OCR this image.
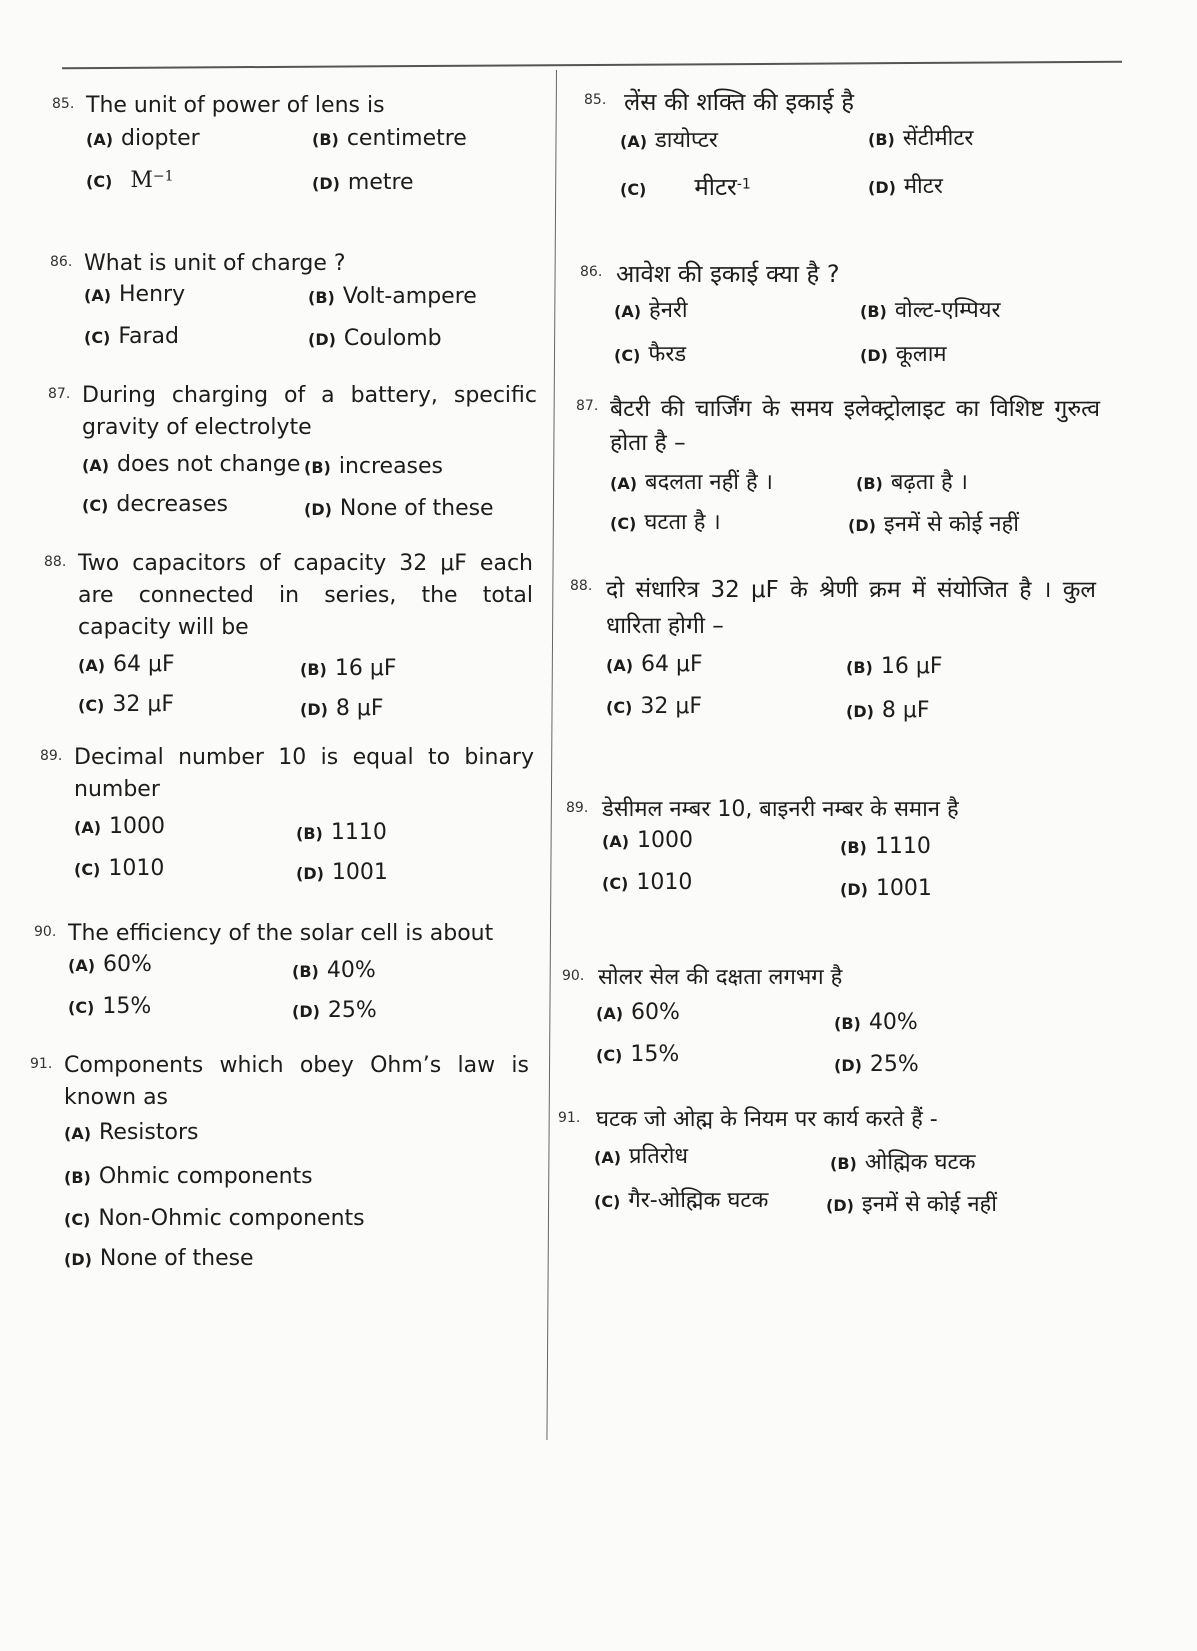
85. The unit of power of lens is
(A) diopter	(B) centimetre
(C) $M^{-1}$	(D) metre
86. What is unit of charge ?
(A) Henry	(B) Volt-ampere
(C) Farad	(D) Coulomb
87. During charging of a battery, specific gravity of electrolyte
(A) does not change (B) increases
(C) decreases	(D) None of these
88. Two capacitors of capacity 32 μF each are connected in series, the total capacity will be
(A) 64 μF	(B) 16 μF
(C) 32 μF	(D) 8 μF
89. Decimal number 10 is equal to binary number
(A) 1000	(B) 1110
(C) 1010	(D) 1001
90. The efficiency of the solar cell is about
(A) 60%	(B) 40%
(C) 15%	(D) 25%
91. Components which obey Ohm’s law is known as
(A) Resistors
(B) Ohmic components
(C) Non-Ohmic components
(D) None of these
85. लेंस की शक्ति की इकाई है
(A) डायोप्टर	(B) सेंटीमीटर
(C) मीटर$^{-1}$	(D) मीटर
86. आवेश की इकाई क्या है ?
(A) हेनरी	(B) वोल्ट-एम्पियर
(C) फैरड	(D) कूलाम
87. बैटरी की चार्जिंग के समय इलेक्ट्रोलाइट का विशिष्ट गुरुत्व होता है –
(A) बदलता नहीं है ।	(B) बढ़ता है ।
(C) घटता है ।	(D) इनमें से कोई नहीं
88. दो संधारित्र 32 μF के श्रेणी क्रम में संयोजित है । कुल धारिता होगी –
(A) 64 μF	(B) 16 μF
(C) 32 μF	(D) 8 μF
89. डेसीमल नम्बर 10, बाइनरी नम्बर के समान है
(A) 1000	(B) 1110
(C) 1010	(D) 1001
90. सोलर सेल की दक्षता लगभग है
(A) 60%	(B) 40%
(C) 15%	(D) 25%
91. घटक जो ओह्म के नियम पर कार्य करते हैं -
(A) प्रतिरोध	(B) ओह्मिक घटक
(C) गैर-ओह्मिक घटक	(D) इनमें से कोई नहीं
